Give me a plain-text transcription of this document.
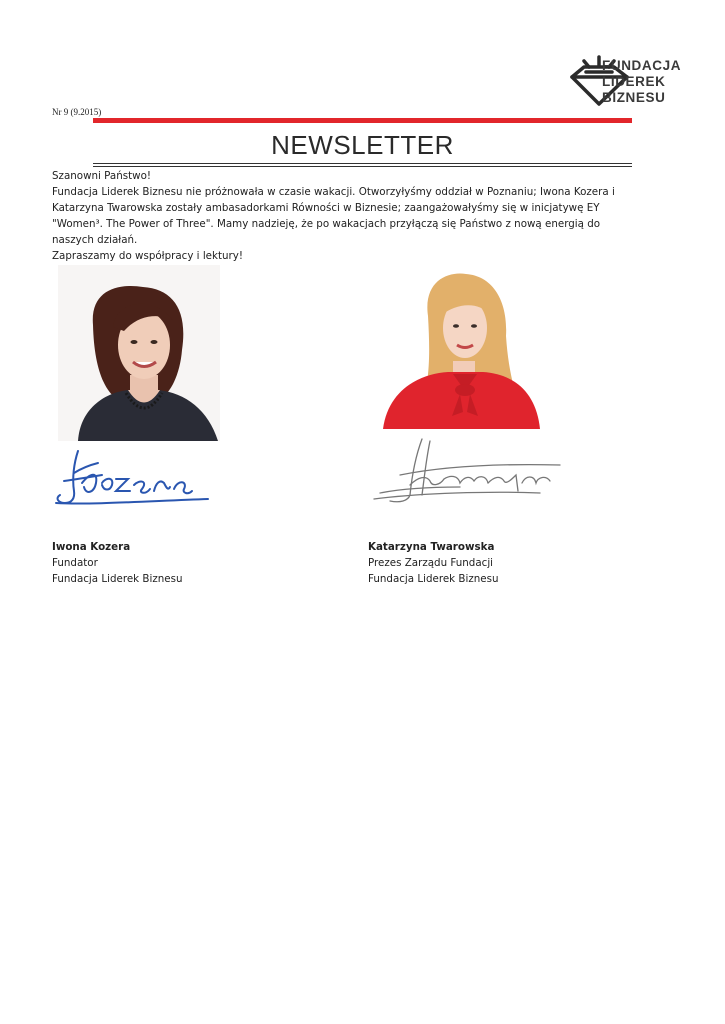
FUNDACJA
LIDEREK
BIZNESU
Nr 9 (9.2015)
NEWSLETTER

Szanowni Państwo!

Fundacja Liderek Biznesu nie próżnowała w czasie wakacji. Otworzyłyśmy oddział w Poznaniu; Iwona Kozera i Katarzyna Twarowska zostały ambasadorkami Równości w Biznesie; zaangażowałyśmy się w inicjatywę EY "Women³. The Power of Three". Mamy nadzieję, że po wakacjach przyłączą się Państwo z nową energią do naszych działań.

Zapraszamy do współpracy i lektury!

Iwona Kozera
Fundator
Fundacja Liderek Biznesu
Katarzyna Twarowska
Prezes Zarządu Fundacji
Fundacja Liderek Biznesu
